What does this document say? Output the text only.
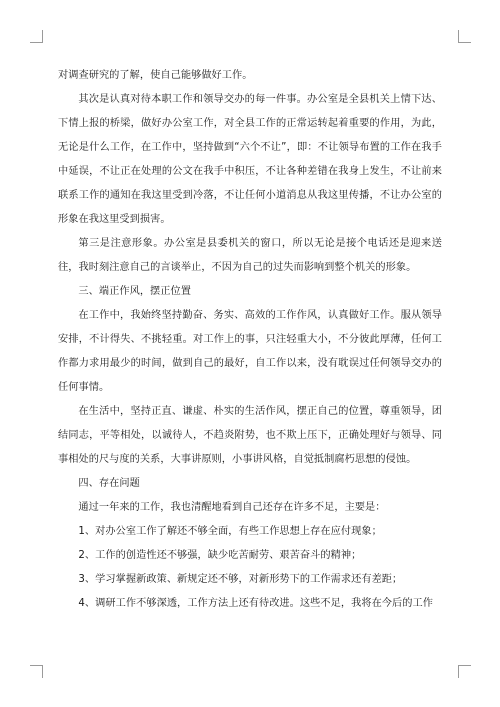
对调查研究的了解，使自己能够做好工作。

其次是认真对待本职工作和领导交办的每一件事。办公室是全县机关上情下达、下情上报的桥梁，做好办公室工作，对全县工作的正常运转起着重要的作用，为此，无论是什么工作，在工作中，坚持做到“六个不让”，即：不让领导布置的工作在我手中延误，不让正在处理的公文在我手中积压，不让各种差错在我身上发生，不让前来联系工作的通知在我这里受到冷落，不让任何小道消息从我这里传播，不让办公室的形象在我这里受到损害。

第三是注意形象。办公室是县委机关的窗口，所以无论是接个电话还是迎来送往，我时刻注意自己的言谈举止，不因为自己的过失而影响到整个机关的形象。

三、端正作风，摆正位置

在工作中，我始终坚持勤奋、务实、高效的工作作风，认真做好工作。服从领导安排，不计得失、不挑轻重。对工作上的事，只注轻重大小，不分彼此厚薄，任何工作都力求用最少的时间，做到自己的最好，自工作以来，没有耽误过任何领导交办的任何事情。

在生活中，坚持正直、谦虚、朴实的生活作风，摆正自己的位置，尊重领导，团结同志，平等相处，以诚待人，不趋炎附势，也不欺上压下，正确处理好与领导、同事相处的尺与度的关系，大事讲原则，小事讲风格，自觉抵制腐朽思想的侵蚀。

四、存在问题

通过一年来的工作，我也清醒地看到自己还存在许多不足，主要是：

1、对办公室工作了解还不够全面，有些工作思想上存在应付现象；

2、工作的创造性还不够强，缺少吃苦耐劳、艰苦奋斗的精神；

3、学习掌握新政策、新规定还不够，对新形势下的工作需求还有差距；

4、调研工作不够深透，工作方法上还有待改进。这些不足，我将在今后的工作
